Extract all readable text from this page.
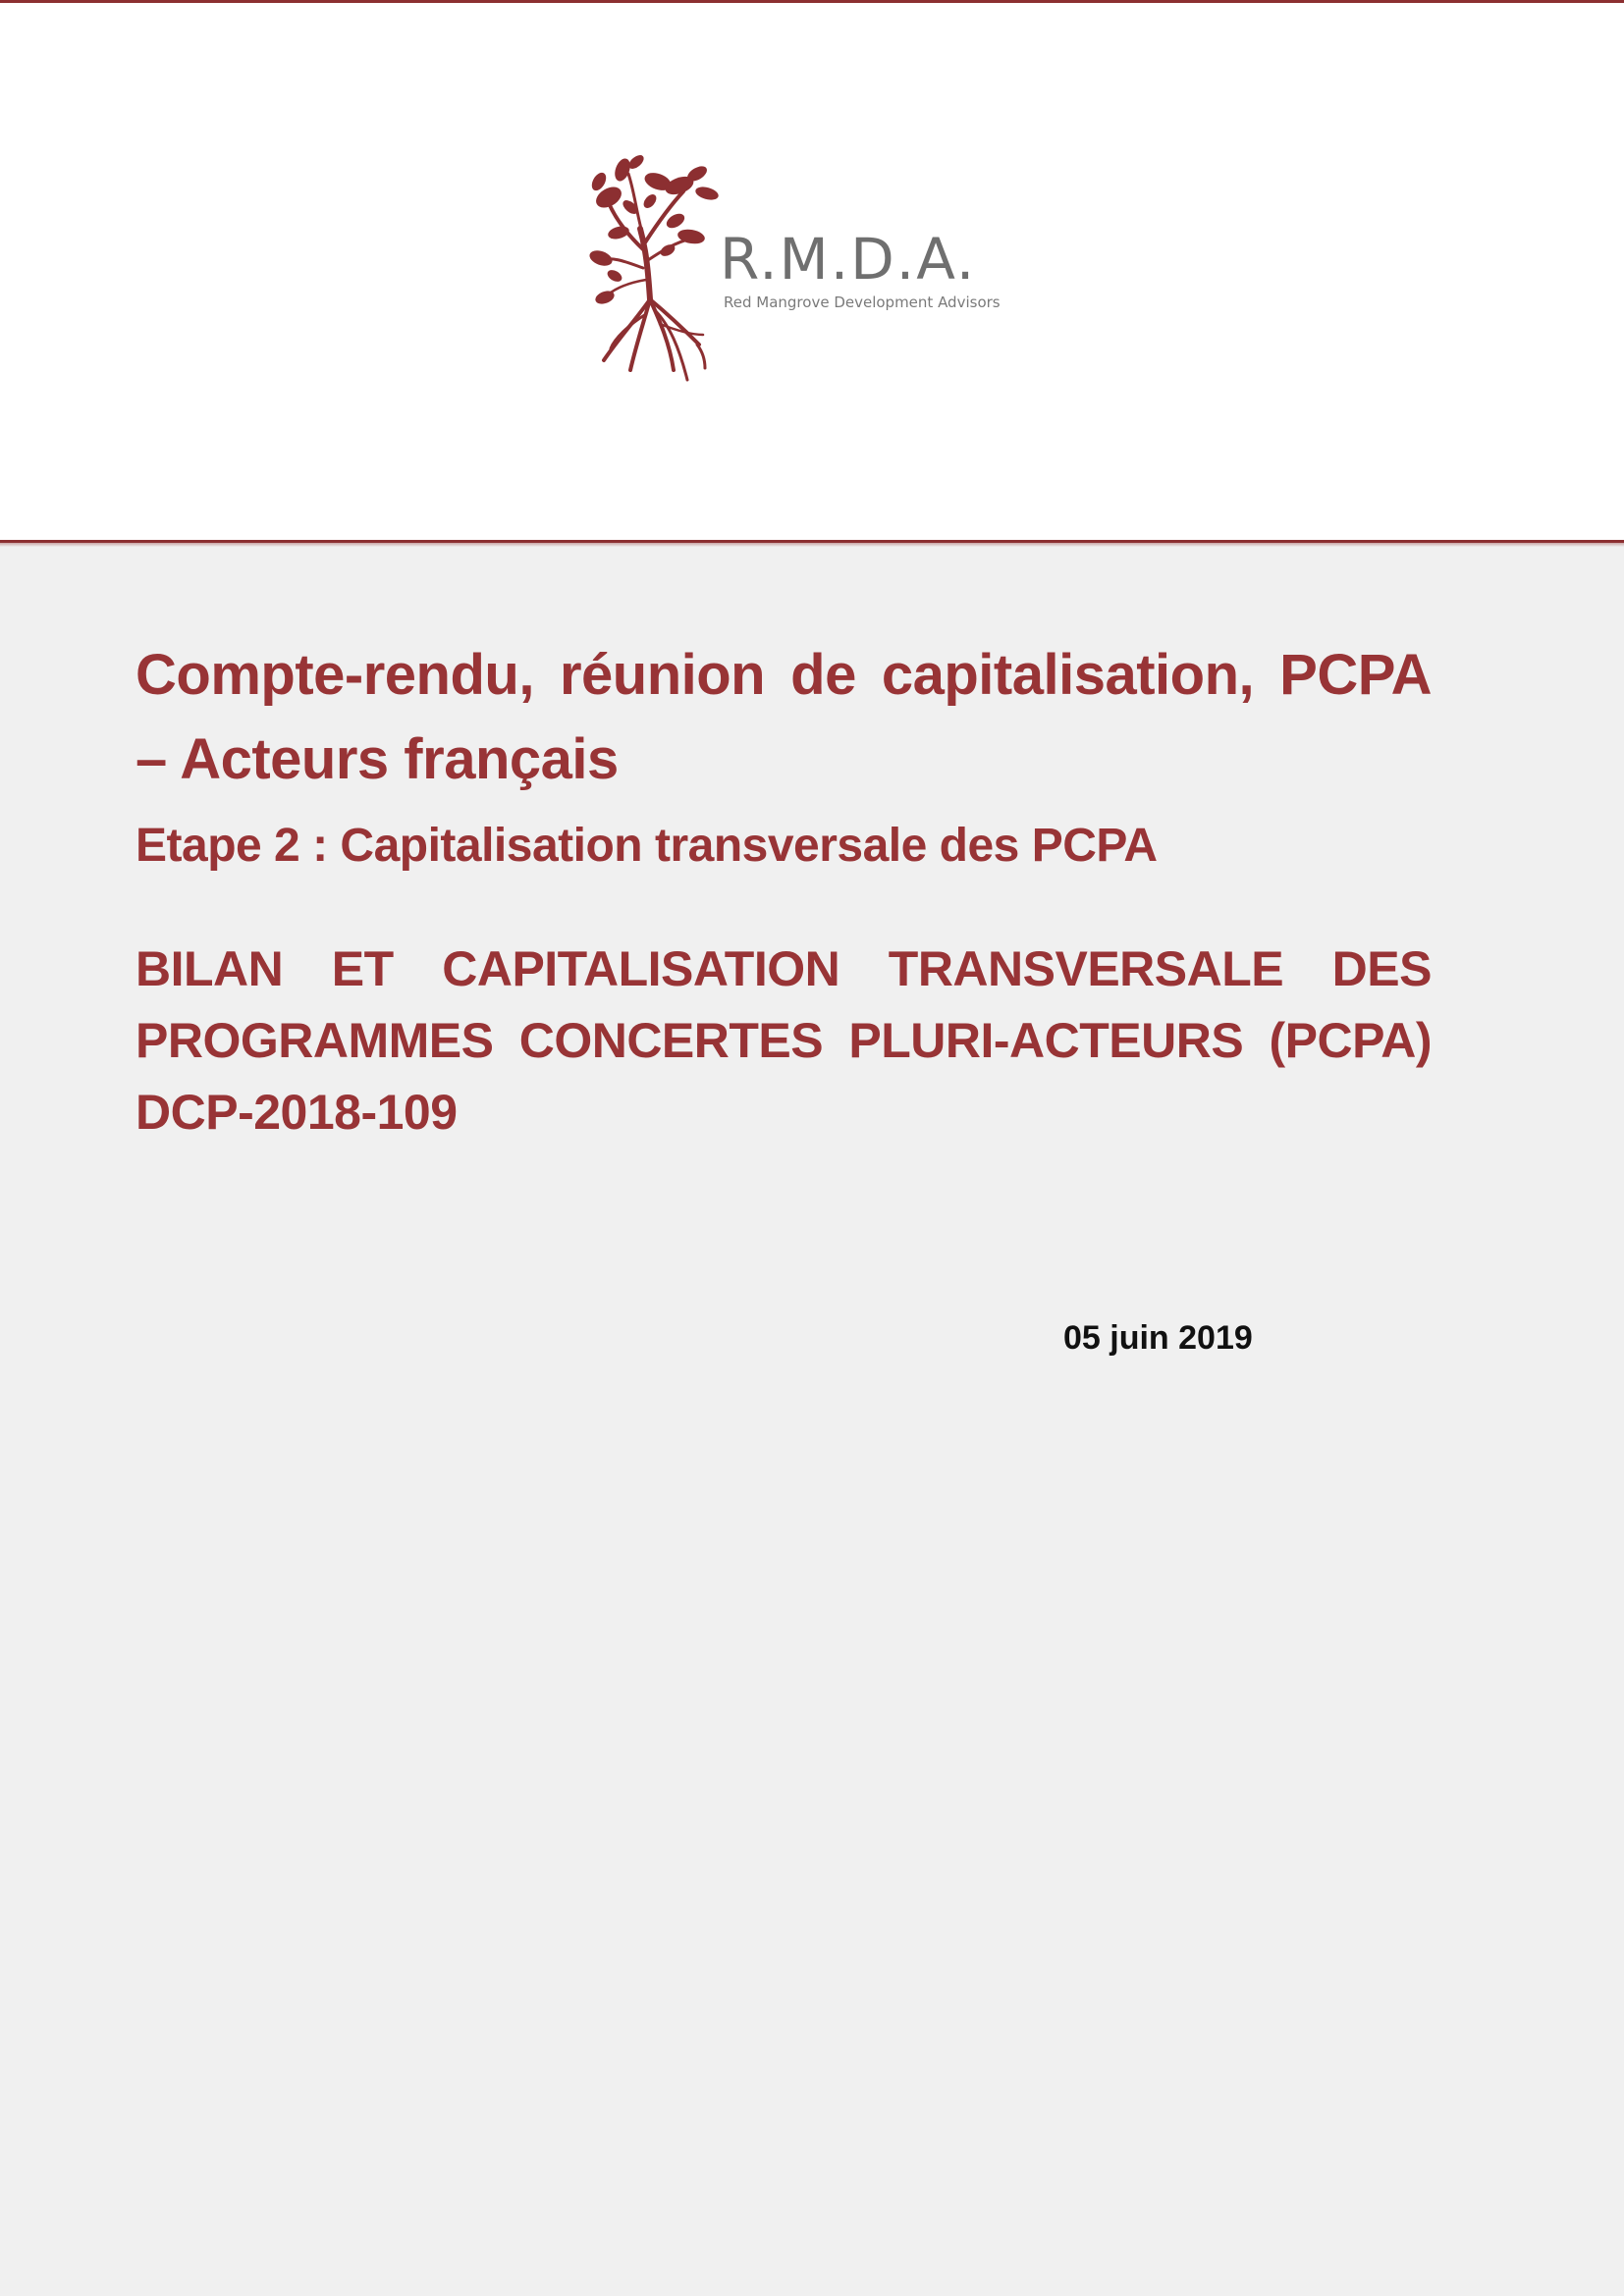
R.M.D.A.
Red Mangrove Development Advisors
Compte-rendu, réunion de capitalisation, PCPA – Acteurs français
Etape 2 : Capitalisation transversale des PCPA
BILAN ET CAPITALISATION TRANSVERSALE DES PROGRAMMES CONCERTES PLURI-ACTEURS (PCPA) DCP-2018-109
05 juin 2019
